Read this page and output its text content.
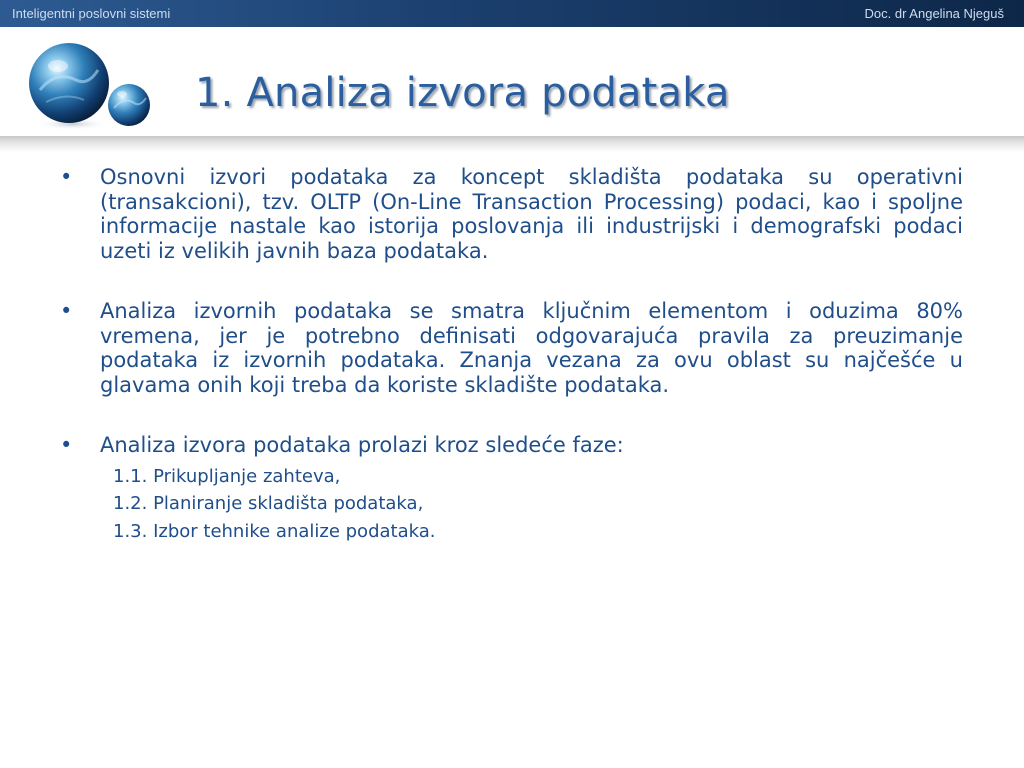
Inteligentni poslovni sistemi	Doc. dr Angelina Njeguš
1. Analiza izvora podataka
• Osnovni izvori podataka za koncept skladišta podataka su operativni (transakcioni), tzv. OLTP (On-Line Transaction Processing) podaci, kao i spoljne informacije nastale kao istorija poslovanja ili industrijski i demografski podaci uzeti iz velikih javnih baza podataka.
• Analiza izvornih podataka se smatra ključnim elementom i oduzima 80% vremena, jer je potrebno definisati odgovarajuća pravila za preuzimanje podataka iz izvornih podataka. Znanja vezana za ovu oblast su najčešće u glavama onih koji treba da koriste skladište podataka.
• Analiza izvora podataka prolazi kroz sledeće faze:
1.1. Prikupljanje zahteva,
1.2. Planiranje skladišta podataka,
1.3. Izbor tehnike analize podataka.
